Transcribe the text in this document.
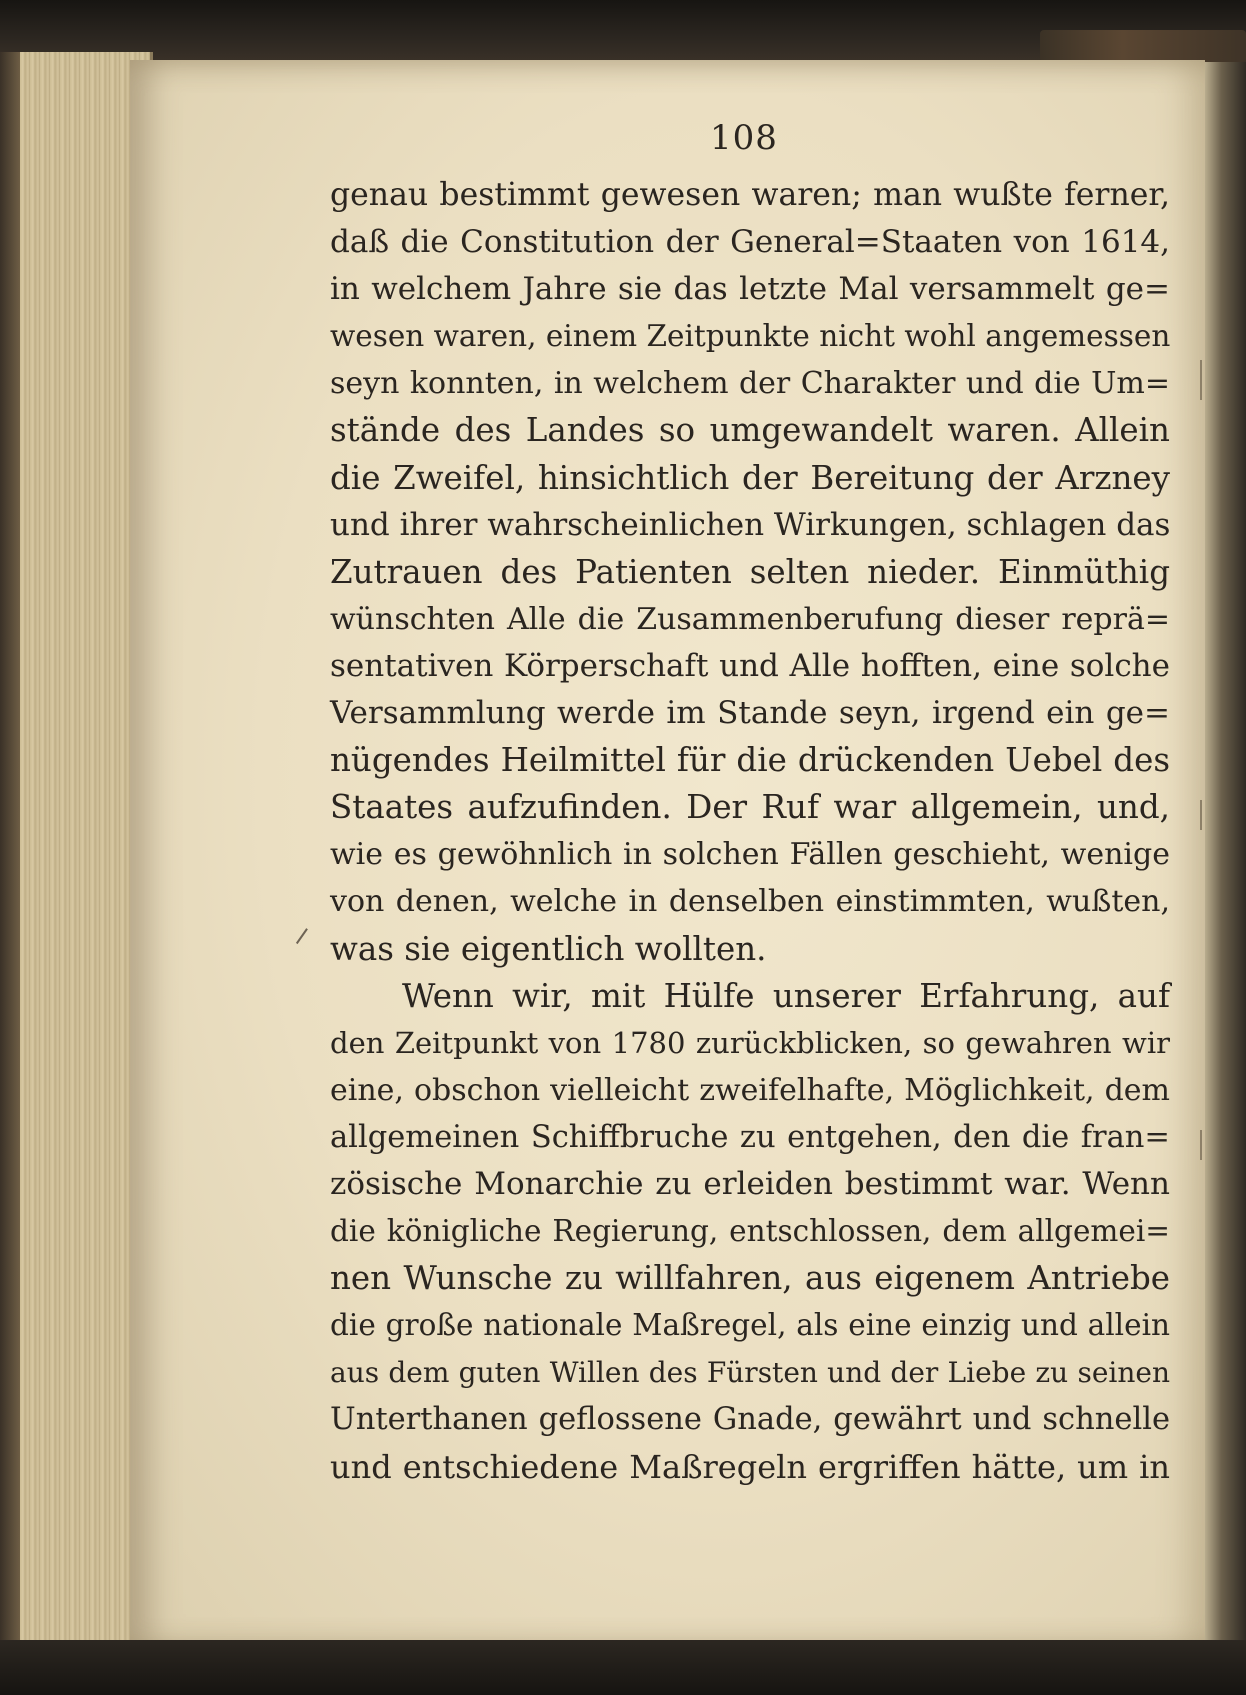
108
genau bestimmt gewesen waren; man wußte ferner,
daß die Constitution der General=Staaten von 1614,
in welchem Jahre sie das letzte Mal versammelt ge=
wesen waren, einem Zeitpunkte nicht wohl angemessen
seyn konnten, in welchem der Charakter und die Um=
stände des Landes so umgewandelt waren. Allein
die Zweifel, hinsichtlich der Bereitung der Arzney
und ihrer wahrscheinlichen Wirkungen, schlagen das
Zutrauen des Patienten selten nieder. Einmüthig
wünschten Alle die Zusammenberufung dieser reprä=
sentativen Körperschaft und Alle hofften, eine solche
Versammlung werde im Stande seyn, irgend ein ge=
nügendes Heilmittel für die drückenden Uebel des
Staates aufzufinden. Der Ruf war allgemein, und,
wie es gewöhnlich in solchen Fällen geschieht, wenige
von denen, welche in denselben einstimmten, wußten,
was sie eigentlich wollten.
Wenn wir, mit Hülfe unserer Erfahrung, auf
den Zeitpunkt von 1780 zurückblicken, so gewahren wir
eine, obschon vielleicht zweifelhafte, Möglichkeit, dem
allgemeinen Schiffbruche zu entgehen, den die fran=
zösische Monarchie zu erleiden bestimmt war. Wenn
die königliche Regierung, entschlossen, dem allgemei=
nen Wunsche zu willfahren, aus eigenem Antriebe
die große nationale Maßregel, als eine einzig und allein
aus dem guten Willen des Fürsten und der Liebe zu seinen
Unterthanen geflossene Gnade, gewährt und schnelle
und entschiedene Maßregeln ergriffen hätte, um in
